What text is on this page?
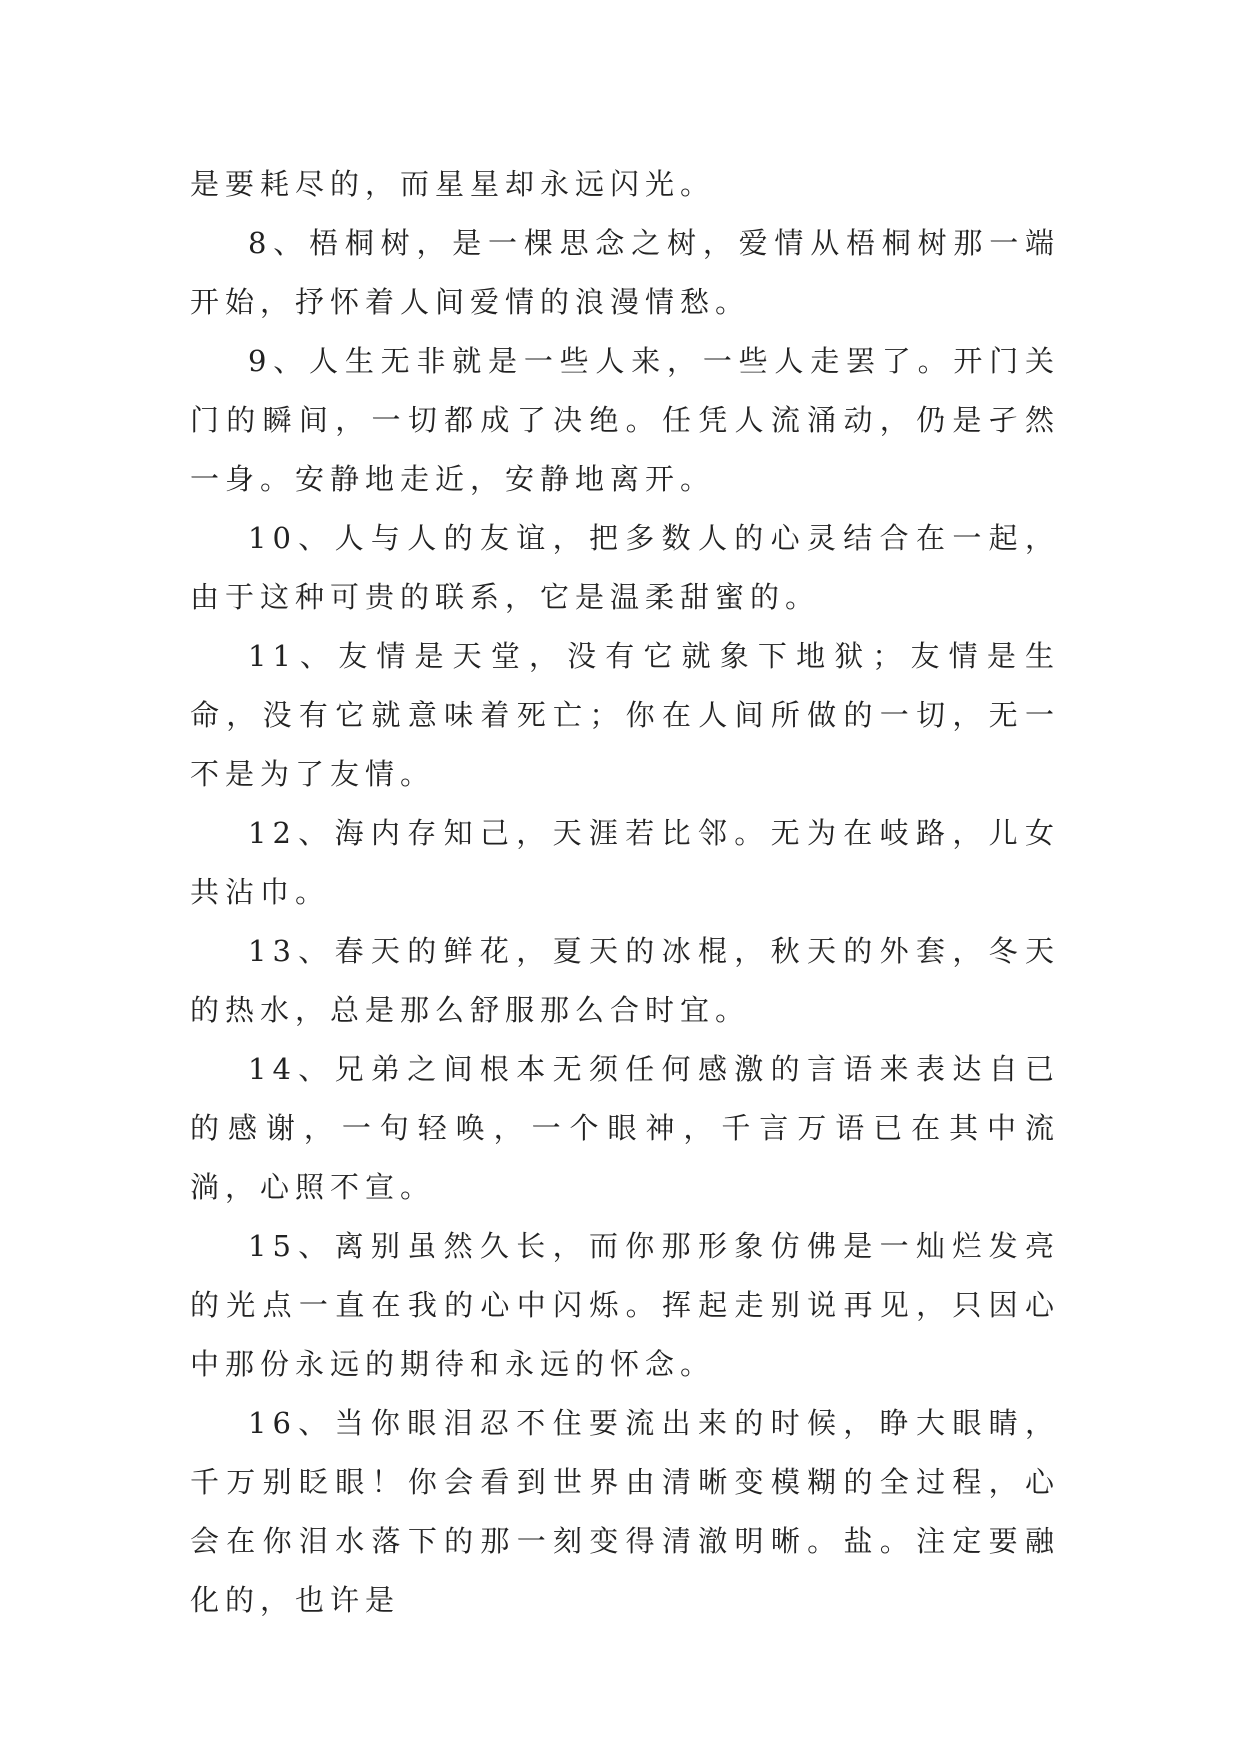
是要耗尽的，而星星却永远闪光。

8、梧桐树，是一棵思念之树，爱情从梧桐树那一端开始，抒怀着人间爱情的浪漫情愁。

9、人生无非就是一些人来，一些人走罢了。开门关门的瞬间，一切都成了决绝。任凭人流涌动，仍是孑然一身。安静地走近，安静地离开。

10、人与人的友谊，把多数人的心灵结合在一起，由于这种可贵的联系，它是温柔甜蜜的。

11、友情是天堂，没有它就象下地狱；友情是生命，没有它就意味着死亡；你在人间所做的一切，无一不是为了友情。

12、海内存知己，天涯若比邻。无为在岐路，儿女共沾巾。

13、春天的鲜花，夏天的冰棍，秋天的外套，冬天的热水，总是那么舒服那么合时宜。

14、兄弟之间根本无须任何感激的言语来表达自已的感谢，一句轻唤，一个眼神，千言万语已在其中流淌，心照不宣。

15、离别虽然久长，而你那形象仿佛是一灿烂发亮的光点一直在我的心中闪烁。挥起走别说再见，只因心中那份永远的期待和永远的怀念。

16、当你眼泪忍不住要流出来的时候，睁大眼睛，千万别眨眼！你会看到世界由清晰变模糊的全过程，心会在你泪水落下的那一刻变得清澈明晰。盐。注定要融化的，也许是
